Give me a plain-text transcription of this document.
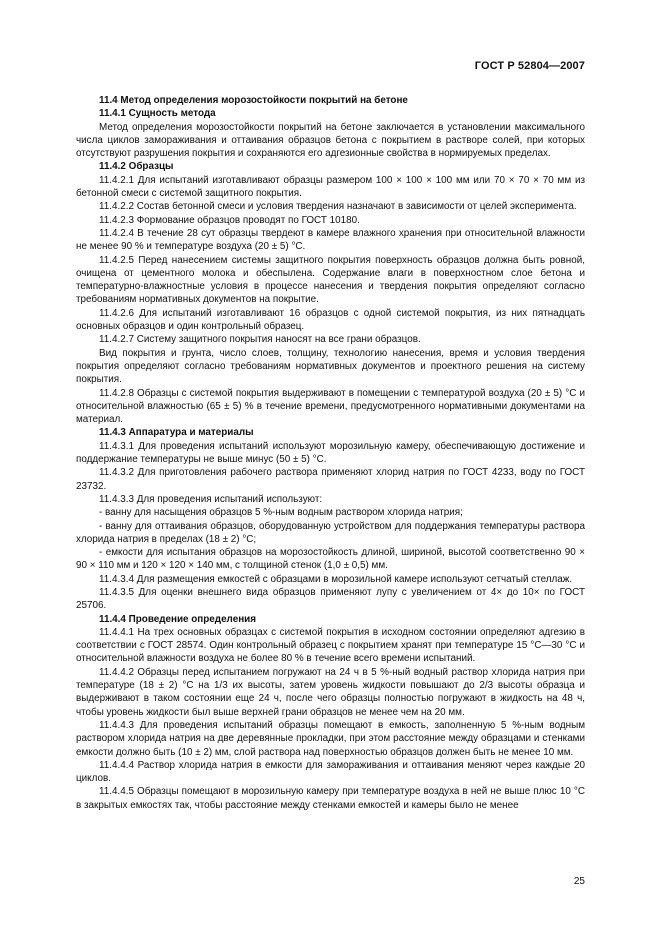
ГОСТ Р 52804—2007

11.4 Метод определения морозостойкости покрытий на бетоне

11.4.1 Сущность метода

Метод определения морозостойкости покрытий на бетоне заключается в установлении максимального числа циклов замораживания и оттаивания образцов бетона с покрытием в растворе солей, при которых отсутствуют разрушения покрытия и сохраняются его адгезионные свойства в нормируемых пределах.

11.4.2 Образцы

11.4.2.1 Для испытаний изготавливают образцы размером 100 × 100 × 100 мм или 70 × 70 × 70 мм из бетонной смеси с системой защитного покрытия.

11.4.2.2 Состав бетонной смеси и условия твердения назначают в зависимости от целей эксперимента.

11.4.2.3 Формование образцов проводят по ГОСТ 10180.

11.4.2.4 В течение 28 сут образцы твердеют в камере влажного хранения при относительной влажности не менее 90 % и температуре воздуха (20 ± 5) °С.

11.4.2.5 Перед нанесением системы защитного покрытия поверхность образцов должна быть ровной, очищена от цементного молока и обеспылена. Содержание влаги в поверхностном слое бетона и температурно-влажностные условия в процессе нанесения и твердения покрытия определяют согласно требованиям нормативных документов на покрытие.

11.4.2.6 Для испытаний изготавливают 16 образцов с одной системой покрытия, из них пятнадцать основных образцов и один контрольный образец.

11.4.2.7 Систему защитного покрытия наносят на все грани образцов.

Вид покрытия и грунта, число слоев, толщину, технологию нанесения, время и условия твердения покрытия определяют согласно требованиям нормативных документов и проектного решения на систему покрытия.

11.4.2.8 Образцы с системой покрытия выдерживают в помещении с температурой воздуха (20 ± 5) °С и относительной влажностью (65 ± 5) % в течение времени, предусмотренного нормативными документами на материал.

11.4.3 Аппаратура и материалы

11.4.3.1 Для проведения испытаний используют морозильную камеру, обеспечивающую достижение и поддержание температуры не выше минус (50 ± 5) °С.

11.4.3.2 Для приготовления рабочего раствора применяют хлорид натрия по ГОСТ 4233, воду по ГОСТ 23732.

11.4.3.3 Для проведения испытаний используют:

- ванну для насыщения образцов 5 %-ным водным раствором хлорида натрия;

- ванну для оттаивания образцов, оборудованную устройством для поддержания температуры раствора хлорида натрия в пределах (18 ± 2) °С;

- емкости для испытания образцов на морозостойкость длиной, шириной, высотой соответственно 90 × 90 × 110 мм и 120 × 120 × 140 мм, с толщиной стенок (1,0 ± 0,5) мм.

11.4.3.4 Для размещения емкостей с образцами в морозильной камере используют сетчатый стеллаж.

11.4.3.5 Для оценки внешнего вида образцов применяют лупу с увеличением от 4× до 10× по ГОСТ 25706.

11.4.4 Проведение определения

11.4.4.1 На трех основных образцах с системой покрытия в исходном состоянии определяют адгезию в соответствии с ГОСТ 28574. Один контрольный образец с покрытием хранят при температуре 15 °С—30 °С и относительной влажности воздуха не более 80 % в течение всего времени испытаний.

11.4.4.2 Образцы перед испытанием погружают на 24 ч в 5 %-ный водный раствор хлорида натрия при температуре (18 ± 2) °С на 1/3 их высоты, затем уровень жидкости повышают до 2/3 высоты образца и выдерживают в таком состоянии еще 24 ч, после чего образцы полностью погружают в жидкость на 48 ч, чтобы уровень жидкости был выше верхней грани образцов не менее чем на 20 мм.

11.4.4.3 Для проведения испытаний образцы помещают в емкость, заполненную 5 %-ным водным раствором хлорида натрия на две деревянные прокладки, при этом расстояние между образцами и стенками емкости должно быть (10 ± 2) мм, слой раствора над поверхностью образцов должен быть не менее 10 мм.

11.4.4.4 Раствор хлорида натрия в емкости для замораживания и оттаивания меняют через каждые 20 циклов.

11.4.4.5 Образцы помещают в морозильную камеру при температуре воздуха в ней не выше плюс 10 °С в закрытых емкостях так, чтобы расстояние между стенками емкостей и камеры было не менее

25
